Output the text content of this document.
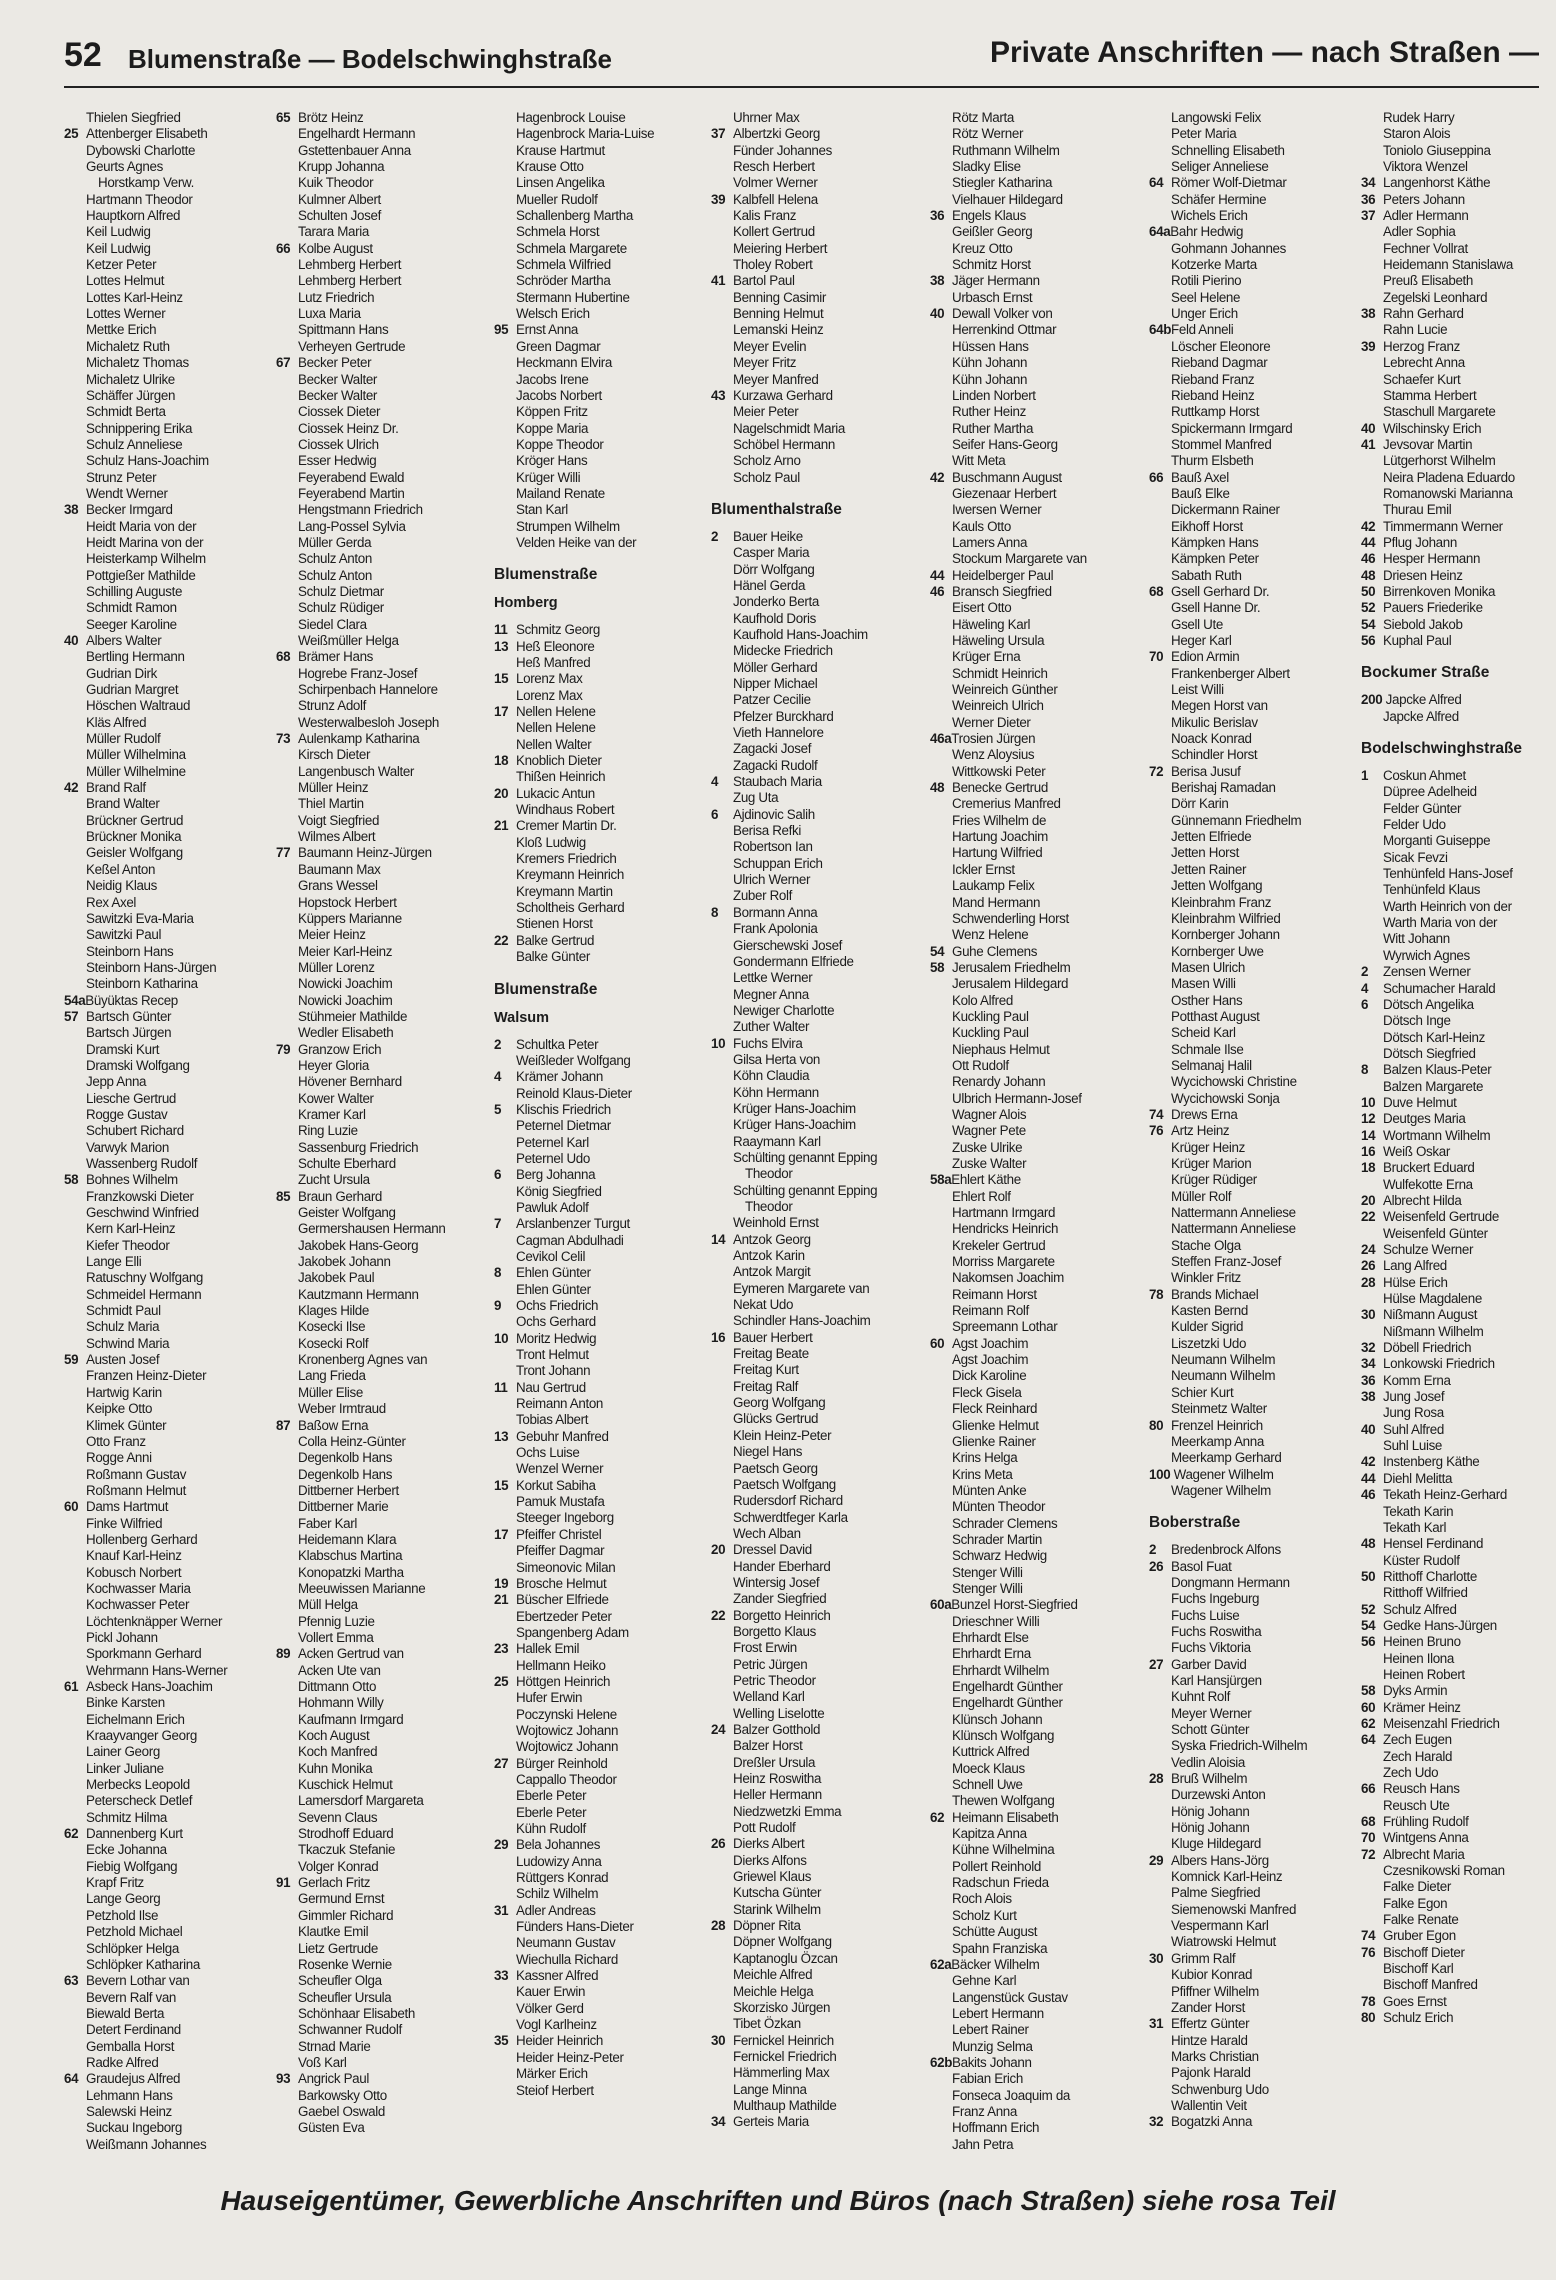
52 Blumenstraße — Bodelschwinghstraße	Private Anschriften — nach Straßen —
Thielen Siegfried
25Attenberger Elisabeth
Dybowski Charlotte
Geurts Agnes
Horstkamp Verw.
Hartmann Theodor
Hauptkorn Alfred
Keil Ludwig
Keil Ludwig
Ketzer Peter
Lottes Helmut
Lottes Karl-Heinz
Lottes Werner
Mettke Erich
Michaletz Ruth
Michaletz Thomas
Michaletz Ulrike
Schäffer Jürgen
Schmidt Berta
Schnippering Erika
Schulz Anneliese
Schulz Hans-Joachim
Strunz Peter
Wendt Werner
38Becker Irmgard
Heidt Maria von der
Heidt Marina von der
Heisterkamp Wilhelm
Pottgießer Mathilde
Schilling Auguste
Schmidt Ramon
Seeger Karoline
40Albers Walter
Bertling Hermann
Gudrian Dirk
Gudrian Margret
Höschen Waltraud
Kläs Alfred
Müller Rudolf
Müller Wilhelmina
Müller Wilhelmine
42Brand Ralf
Brand Walter
Brückner Gertrud
Brückner Monika
Geisler Wolfgang
Keßel Anton
Neidig Klaus
Rex Axel
Sawitzki Eva-Maria
Sawitzki Paul
Steinborn Hans
Steinborn Hans-Jürgen
Steinborn Katharina
54aBüyüktas Recep
57Bartsch Günter
Bartsch Jürgen
Dramski Kurt
Dramski Wolfgang
Jepp Anna
Liesche Gertrud
Rogge Gustav
Schubert Richard
Varwyk Marion
Wassenberg Rudolf
58Bohnes Wilhelm
Franzkowski Dieter
Geschwind Winfried
Kern Karl-Heinz
Kiefer Theodor
Lange Elli
Ratuschny Wolfgang
Schmeidel Hermann
Schmidt Paul
Schulz Maria
Schwind Maria
59Austen Josef
Franzen Heinz-Dieter
Hartwig Karin
Keipke Otto
Klimek Günter
Otto Franz
Rogge Anni
Roßmann Gustav
Roßmann Helmut
60Dams Hartmut
Finke Wilfried
Hollenberg Gerhard
Knauf Karl-Heinz
Kobusch Norbert
Kochwasser Maria
Kochwasser Peter
Löchtenknäpper Werner
Pickl Johann
Sporkmann Gerhard
Wehrmann Hans-Werner
61Asbeck Hans-Joachim
Binke Karsten
Eichelmann Erich
Kraayvanger Georg
Lainer Georg
Linker Juliane
Merbecks Leopold
Peterscheck Detlef
Schmitz Hilma
62Dannenberg Kurt
Ecke Johanna
Fiebig Wolfgang
Krapf Fritz
Lange Georg
Petzhold Ilse
Petzhold Michael
Schlöpker Helga
Schlöpker Katharina
63Bevern Lothar van
Bevern Ralf van
Biewald Berta
Detert Ferdinand
Gemballa Horst
Radke Alfred
64Graudejus Alfred
Lehmann Hans
Salewski Heinz
Suckau Ingeborg
Weißmann Johannes
65Brötz Heinz
Engelhardt Hermann
Gstettenbauer Anna
Krupp Johanna
Kuik Theodor
Kulmner Albert
Schulten Josef
Tarara Maria
66Kolbe August
Lehmberg Herbert
Lehmberg Herbert
Lutz Friedrich
Luxa Maria
Spittmann Hans
Verheyen Gertrude
67Becker Peter
Becker Walter
Becker Walter
Ciossek Dieter
Ciossek Heinz Dr.
Ciossek Ulrich
Esser Hedwig
Feyerabend Ewald
Feyerabend Martin
Hengstmann Friedrich
Lang-Possel Sylvia
Müller Gerda
Schulz Anton
Schulz Anton
Schulz Dietmar
Schulz Rüdiger
Siedel Clara
Weißmüller Helga
68Brämer Hans
Hogrebe Franz-Josef
Schirpenbach Hannelore
Strunz Adolf
Westerwalbesloh Joseph
73Aulenkamp Katharina
Kirsch Dieter
Langenbusch Walter
Müller Heinz
Thiel Martin
Voigt Siegfried
Wilmes Albert
77Baumann Heinz-Jürgen
Baumann Max
Grans Wessel
Hopstock Herbert
Küppers Marianne
Meier Heinz
Meier Karl-Heinz
Müller Lorenz
Nowicki Joachim
Nowicki Joachim
Stühmeier Mathilde
Wedler Elisabeth
79Granzow Erich
Heyer Gloria
Hövener Bernhard
Kower Walter
Kramer Karl
Ring Luzie
Sassenburg Friedrich
Schulte Eberhard
Zucht Ursula
85Braun Gerhard
Geister Wolfgang
Germershausen Hermann
Jakobek Hans-Georg
Jakobek Johann
Jakobek Paul
Kautzmann Hermann
Klages Hilde
Kosecki Ilse
Kosecki Rolf
Kronenberg Agnes van
Lang Frieda
Müller Elise
Weber Irmtraud
87Baßow Erna
Colla Heinz-Günter
Degenkolb Hans
Degenkolb Hans
Dittberner Herbert
Dittberner Marie
Faber Karl
Heidemann Klara
Klabschus Martina
Konopatzki Martha
Meeuwissen Marianne
Müll Helga
Pfennig Luzie
Vollert Emma
89Acken Gertrud van
Acken Ute van
Dittmann Otto
Hohmann Willy
Kaufmann Irmgard
Koch August
Koch Manfred
Kuhn Monika
Kuschick Helmut
Lamersdorf Margareta
Sevenn Claus
Strodhoff Eduard
Tkaczuk Stefanie
Volger Konrad
91Gerlach Fritz
Germund Ernst
Gimmler Richard
Klautke Emil
Lietz Gertrude
Rosenke Wernie
Scheufler Olga
Scheufler Ursula
Schönhaar Elisabeth
Schwanner Rudolf
Strnad Marie
Voß Karl
93Angrick Paul
Barkowsky Otto
Gaebel Oswald
Güsten Eva
Hagenbrock Louise
Hagenbrock Maria-Luise
Krause Hartmut
Krause Otto
Linsen Angelika
Mueller Rudolf
Schallenberg Martha
Schmela Horst
Schmela Margarete
Schmela Wilfried
Schröder Martha
Stermann Hubertine
Welsch Erich
95Ernst Anna
Green Dagmar
Heckmann Elvira
Jacobs Irene
Jacobs Norbert
Köppen Fritz
Koppe Maria
Koppe Theodor
Kröger Hans
Krüger Willi
Mailand Renate
Stan Karl
Strumpen Wilhelm
Velden Heike van der
Blumenstraße
Homberg
11Schmitz Georg
13Heß Eleonore
Heß Manfred
15Lorenz Max
Lorenz Max
17Nellen Helene
Nellen Helene
Nellen Walter
18Knoblich Dieter
Thißen Heinrich
20Lukacic Antun
Windhaus Robert
21Cremer Martin Dr.
Kloß Ludwig
Kremers Friedrich
Kreymann Heinrich
Kreymann Martin
Scholtheis Gerhard
Stienen Horst
22Balke Gertrud
Balke Günter
Blumenstraße
Walsum
2Schultka Peter
Weißleder Wolfgang
4Krämer Johann
Reinold Klaus-Dieter
5Klischis Friedrich
Peternel Dietmar
Peternel Karl
Peternel Udo
6Berg Johanna
König Siegfried
Pawluk Adolf
7Arslanbenzer Turgut
Cagman Abdulhadi
Cevikol Celil
8Ehlen Günter
Ehlen Günter
9Ochs Friedrich
Ochs Gerhard
10Moritz Hedwig
Tront Helmut
Tront Johann
11Nau Gertrud
Reimann Anton
Tobias Albert
13Gebuhr Manfred
Ochs Luise
Wenzel Werner
15Korkut Sabiha
Pamuk Mustafa
Steeger Ingeborg
17Pfeiffer Christel
Pfeiffer Dagmar
Simeonovic Milan
19Brosche Helmut
21Büscher Elfriede
Ebertzeder Peter
Spangenberg Adam
23Hallek Emil
Hellmann Heiko
25Höttgen Heinrich
Hufer Erwin
Poczynski Helene
Wojtowicz Johann
Wojtowicz Johann
27Bürger Reinhold
Cappallo Theodor
Eberle Peter
Eberle Peter
Kühn Rudolf
29Bela Johannes
Ludowizy Anna
Rüttgers Konrad
Schilz Wilhelm
31Adler Andreas
Fünders Hans-Dieter
Neumann Gustav
Wiechulla Richard
33Kassner Alfred
Kauer Erwin
Völker Gerd
Vogl Karlheinz
35Heider Heinrich
Heider Heinz-Peter
Märker Erich
Steiof Herbert
Uhrner Max
37Albertzki Georg
Fünder Johannes
Resch Herbert
Volmer Werner
39Kalbfell Helena
Kalis Franz
Kollert Gertrud
Meiering Herbert
Tholey Robert
41Bartol Paul
Benning Casimir
Benning Helmut
Lemanski Heinz
Meyer Evelin
Meyer Fritz
Meyer Manfred
43Kurzawa Gerhard
Meier Peter
Nagelschmidt Maria
Schöbel Hermann
Scholz Arno
Scholz Paul
Blumenthalstraße
2Bauer Heike
Casper Maria
Dörr Wolfgang
Hänel Gerda
Jonderko Berta
Kaufhold Doris
Kaufhold Hans-Joachim
Midecke Friedrich
Möller Gerhard
Nipper Michael
Patzer Cecilie
Pfelzer Burckhard
Vieth Hannelore
Zagacki Josef
Zagacki Rudolf
4Staubach Maria
Zug Uta
6Ajdinovic Salih
Berisa Refki
Robertson Ian
Schuppan Erich
Ulrich Werner
Zuber Rolf
8Bormann Anna
Frank Apolonia
Gierschewski Josef
Gondermann Elfriede
Lettke Werner
Megner Anna
Newiger Charlotte
Zuther Walter
10Fuchs Elvira
Gilsa Herta von
Köhn Claudia
Köhn Hermann
Krüger Hans-Joachim
Krüger Hans-Joachim
Raaymann Karl
Schülting genannt Epping
Theodor
Schülting genannt Epping
Theodor
Weinhold Ernst
14Antzok Georg
Antzok Karin
Antzok Margit
Eymeren Margarete van
Nekat Udo
Schindler Hans-Joachim
16Bauer Herbert
Freitag Beate
Freitag Kurt
Freitag Ralf
Georg Wolfgang
Glücks Gertrud
Klein Heinz-Peter
Niegel Hans
Paetsch Georg
Paetsch Wolfgang
Rudersdorf Richard
Schwerdtfeger Karla
Wech Alban
20Dressel David
Hander Eberhard
Wintersig Josef
Zander Siegfried
22Borgetto Heinrich
Borgetto Klaus
Frost Erwin
Petric Jürgen
Petric Theodor
Welland Karl
Welling Liselotte
24Balzer Gotthold
Balzer Horst
Dreßler Ursula
Heinz Roswitha
Heller Hermann
Niedzwetzki Emma
Pott Rudolf
26Dierks Albert
Dierks Alfons
Griewel Klaus
Kutscha Günter
Starink Wilhelm
28Döpner Rita
Döpner Wolfgang
Kaptanoglu Özcan
Meichle Alfred
Meichle Helga
Skorzisko Jürgen
Tibet Özkan
30Fernickel Heinrich
Fernickel Friedrich
Hämmerling Max
Lange Minna
Multhaup Mathilde
34Gerteis Maria
Rötz Marta
Rötz Werner
Ruthmann Wilhelm
Sladky Elise
Stiegler Katharina
Vielhauer Hildegard
36Engels Klaus
Geißler Georg
Kreuz Otto
Schmitz Horst
38Jäger Hermann
Urbasch Ernst
40Dewall Volker von
Herrenkind Ottmar
Hüssen Hans
Kühn Johann
Kühn Johann
Linden Norbert
Ruther Heinz
Ruther Martha
Seifer Hans-Georg
Witt Meta
42Buschmann August
Giezenaar Herbert
Iwersen Werner
Kauls Otto
Lamers Anna
Stockum Margarete van
44Heidelberger Paul
46Bransch Siegfried
Eisert Otto
Häweling Karl
Häweling Ursula
Krüger Erna
Schmidt Heinrich
Weinreich Günther
Weinreich Ulrich
Werner Dieter
46aTrosien Jürgen
Wenz Aloysius
Wittkowski Peter
48Benecke Gertrud
Cremerius Manfred
Fries Wilhelm de
Hartung Joachim
Hartung Wilfried
Ickler Ernst
Laukamp Felix
Mand Hermann
Schwenderling Horst
Wenz Helene
54Guhe Clemens
58Jerusalem Friedhelm
Jerusalem Hildegard
Kolo Alfred
Kuckling Paul
Kuckling Paul
Niephaus Helmut
Ott Rudolf
Renardy Johann
Ulbrich Hermann-Josef
Wagner Alois
Wagner Pete
Zuske Ulrike
Zuske Walter
58aEhlert Käthe
Ehlert Rolf
Hartmann Irmgard
Hendricks Heinrich
Krekeler Gertrud
Morriss Margarete
Nakomsen Joachim
Reimann Horst
Reimann Rolf
Spreemann Lothar
60Agst Joachim
Agst Joachim
Dick Karoline
Fleck Gisela
Fleck Reinhard
Glienke Helmut
Glienke Rainer
Krins Helga
Krins Meta
Münten Anke
Münten Theodor
Schrader Clemens
Schrader Martin
Schwarz Hedwig
Stenger Willi
Stenger Willi
60aBunzel Horst-Siegfried
Drieschner Willi
Ehrhardt Else
Ehrhardt Erna
Ehrhardt Wilhelm
Engelhardt Günther
Engelhardt Günther
Klünsch Johann
Klünsch Wolfgang
Kuttrick Alfred
Moeck Klaus
Schnell Uwe
Thewen Wolfgang
62Heimann Elisabeth
Kapitza Anna
Kühne Wilhelmina
Pollert Reinhold
Radschun Frieda
Roch Alois
Scholz Kurt
Schütte August
Spahn Franziska
62aBäcker Wilhelm
Gehne Karl
Langenstück Gustav
Lebert Hermann
Lebert Rainer
Munzig Selma
62bBakits Johann
Fabian Erich
Fonseca Joaquim da
Franz Anna
Hoffmann Erich
Jahn Petra
Langowski Felix
Peter Maria
Schnelling Elisabeth
Seliger Anneliese
64Römer Wolf-Dietmar
Schäfer Hermine
Wichels Erich
64aBahr Hedwig
Gohmann Johannes
Kotzerke Marta
Rotili Pierino
Seel Helene
Unger Erich
64bFeld Anneli
Löscher Eleonore
Rieband Dagmar
Rieband Franz
Rieband Heinz
Ruttkamp Horst
Spickermann Irmgard
Stommel Manfred
Thurm Elsbeth
66Bauß Axel
Bauß Elke
Dickermann Rainer
Eikhoff Horst
Kämpken Hans
Kämpken Peter
Sabath Ruth
68Gsell Gerhard Dr.
Gsell Hanne Dr.
Gsell Ute
Heger Karl
70Edion Armin
Frankenberger Albert
Leist Willi
Megen Horst van
Mikulic Berislav
Noack Konrad
Schindler Horst
72Berisa Jusuf
Berishaj Ramadan
Dörr Karin
Günnemann Friedhelm
Jetten Elfriede
Jetten Horst
Jetten Rainer
Jetten Wolfgang
Kleinbrahm Franz
Kleinbrahm Wilfried
Kornberger Johann
Kornberger Uwe
Masen Ulrich
Masen Willi
Osther Hans
Potthast August
Scheid Karl
Schmale Ilse
Selmanaj Halil
Wycichowski Christine
Wycichowski Sonja
74Drews Erna
76Artz Heinz
Krüger Heinz
Krüger Marion
Krüger Rüdiger
Müller Rolf
Nattermann Anneliese
Nattermann Anneliese
Stache Olga
Steffen Franz-Josef
Winkler Fritz
78Brands Michael
Kasten Bernd
Kulder Sigrid
Liszetzki Udo
Neumann Wilhelm
Neumann Wilhelm
Schier Kurt
Steinmetz Walter
80Frenzel Heinrich
Meerkamp Anna
Meerkamp Gerhard
100 Wagener Wilhelm
Wagener Wilhelm
Boberstraße
2Bredenbrock Alfons
26Basol Fuat
Dongmann Hermann
Fuchs Ingeburg
Fuchs Luise
Fuchs Roswitha
Fuchs Viktoria
27Garber David
Karl Hansjürgen
Kuhnt Rolf
Meyer Werner
Schott Günter
Syska Friedrich-Wilhelm
Vedlin Aloisia
28Bruß Wilhelm
Durzewski Anton
Hönig Johann
Hönig Johann
Kluge Hildegard
29Albers Hans-Jörg
Komnick Karl-Heinz
Palme Siegfried
Siemenowski Manfred
Vespermann Karl
Wiatrowski Helmut
30Grimm Ralf
Kubior Konrad
Pfiffner Wilhelm
Zander Horst
31Effertz Günter
Hintze Harald
Marks Christian
Pajonk Harald
Schwenburg Udo
Wallentin Veit
32Bogatzki Anna
Rudek Harry
Staron Alois
Toniolo Giuseppina
Viktora Wenzel
34Langenhorst Käthe
36Peters Johann
37Adler Hermann
Adler Sophia
Fechner Vollrat
Heidemann Stanislawa
Preuß Elisabeth
Zegelski Leonhard
38Rahn Gerhard
Rahn Lucie
39Herzog Franz
Lebrecht Anna
Schaefer Kurt
Stamma Herbert
Staschull Margarete
40Wilschinsky Erich
41Jevsovar Martin
Lütgerhorst Wilhelm
Neira Pladena Eduardo
Romanowski Marianna
Thurau Emil
42Timmermann Werner
44Pflug Johann
46Hesper Hermann
48Driesen Heinz
50Birrenkoven Monika
52Pauers Friederike
54Siebold Jakob
56Kuphal Paul
Bockumer Straße
200 Japcke Alfred
Japcke Alfred
Bodelschwinghstraße
1Coskun Ahmet
Düpree Adelheid
Felder Günter
Felder Udo
Morganti Guiseppe
Sicak Fevzi
Tenhünfeld Hans-Josef
Tenhünfeld Klaus
Warth Heinrich von der
Warth Maria von der
Witt Johann
Wyrwich Agnes
2Zensen Werner
4Schumacher Harald
6Dötsch Angelika
Dötsch Inge
Dötsch Karl-Heinz
Dötsch Siegfried
8Balzen Klaus-Peter
Balzen Margarete
10Duve Helmut
12Deutges Maria
14Wortmann Wilhelm
16Weiß Oskar
18Bruckert Eduard
Wulfekotte Erna
20Albrecht Hilda
22Weisenfeld Gertrude
Weisenfeld Günter
24Schulze Werner
26Lang Alfred
28Hülse Erich
Hülse Magdalene
30Nißmann August
Nißmann Wilhelm
32Döbell Friedrich
34Lonkowski Friedrich
36Komm Erna
38Jung Josef
Jung Rosa
40Suhl Alfred
Suhl Luise
42Instenberg Käthe
44Diehl Melitta
46Tekath Heinz-Gerhard
Tekath Karin
Tekath Karl
48Hensel Ferdinand
Küster Rudolf
50Ritthoff Charlotte
Ritthoff Wilfried
52Schulz Alfred
54Gedke Hans-Jürgen
56Heinen Bruno
Heinen Ilona
Heinen Robert
58Dyks Armin
60Krämer Heinz
62Meisenzahl Friedrich
64Zech Eugen
Zech Harald
Zech Udo
66Reusch Hans
Reusch Ute
68Frühling Rudolf
70Wintgens Anna
72Albrecht Maria
Czesnikowski Roman
Falke Dieter
Falke Egon
Falke Renate
74Gruber Egon
76Bischoff Dieter
Bischoff Karl
Bischoff Manfred
78Goes Ernst
80Schulz Erich
Hauseigentümer, Gewerbliche Anschriften und Büros (nach Straßen) siehe rosa Teil
